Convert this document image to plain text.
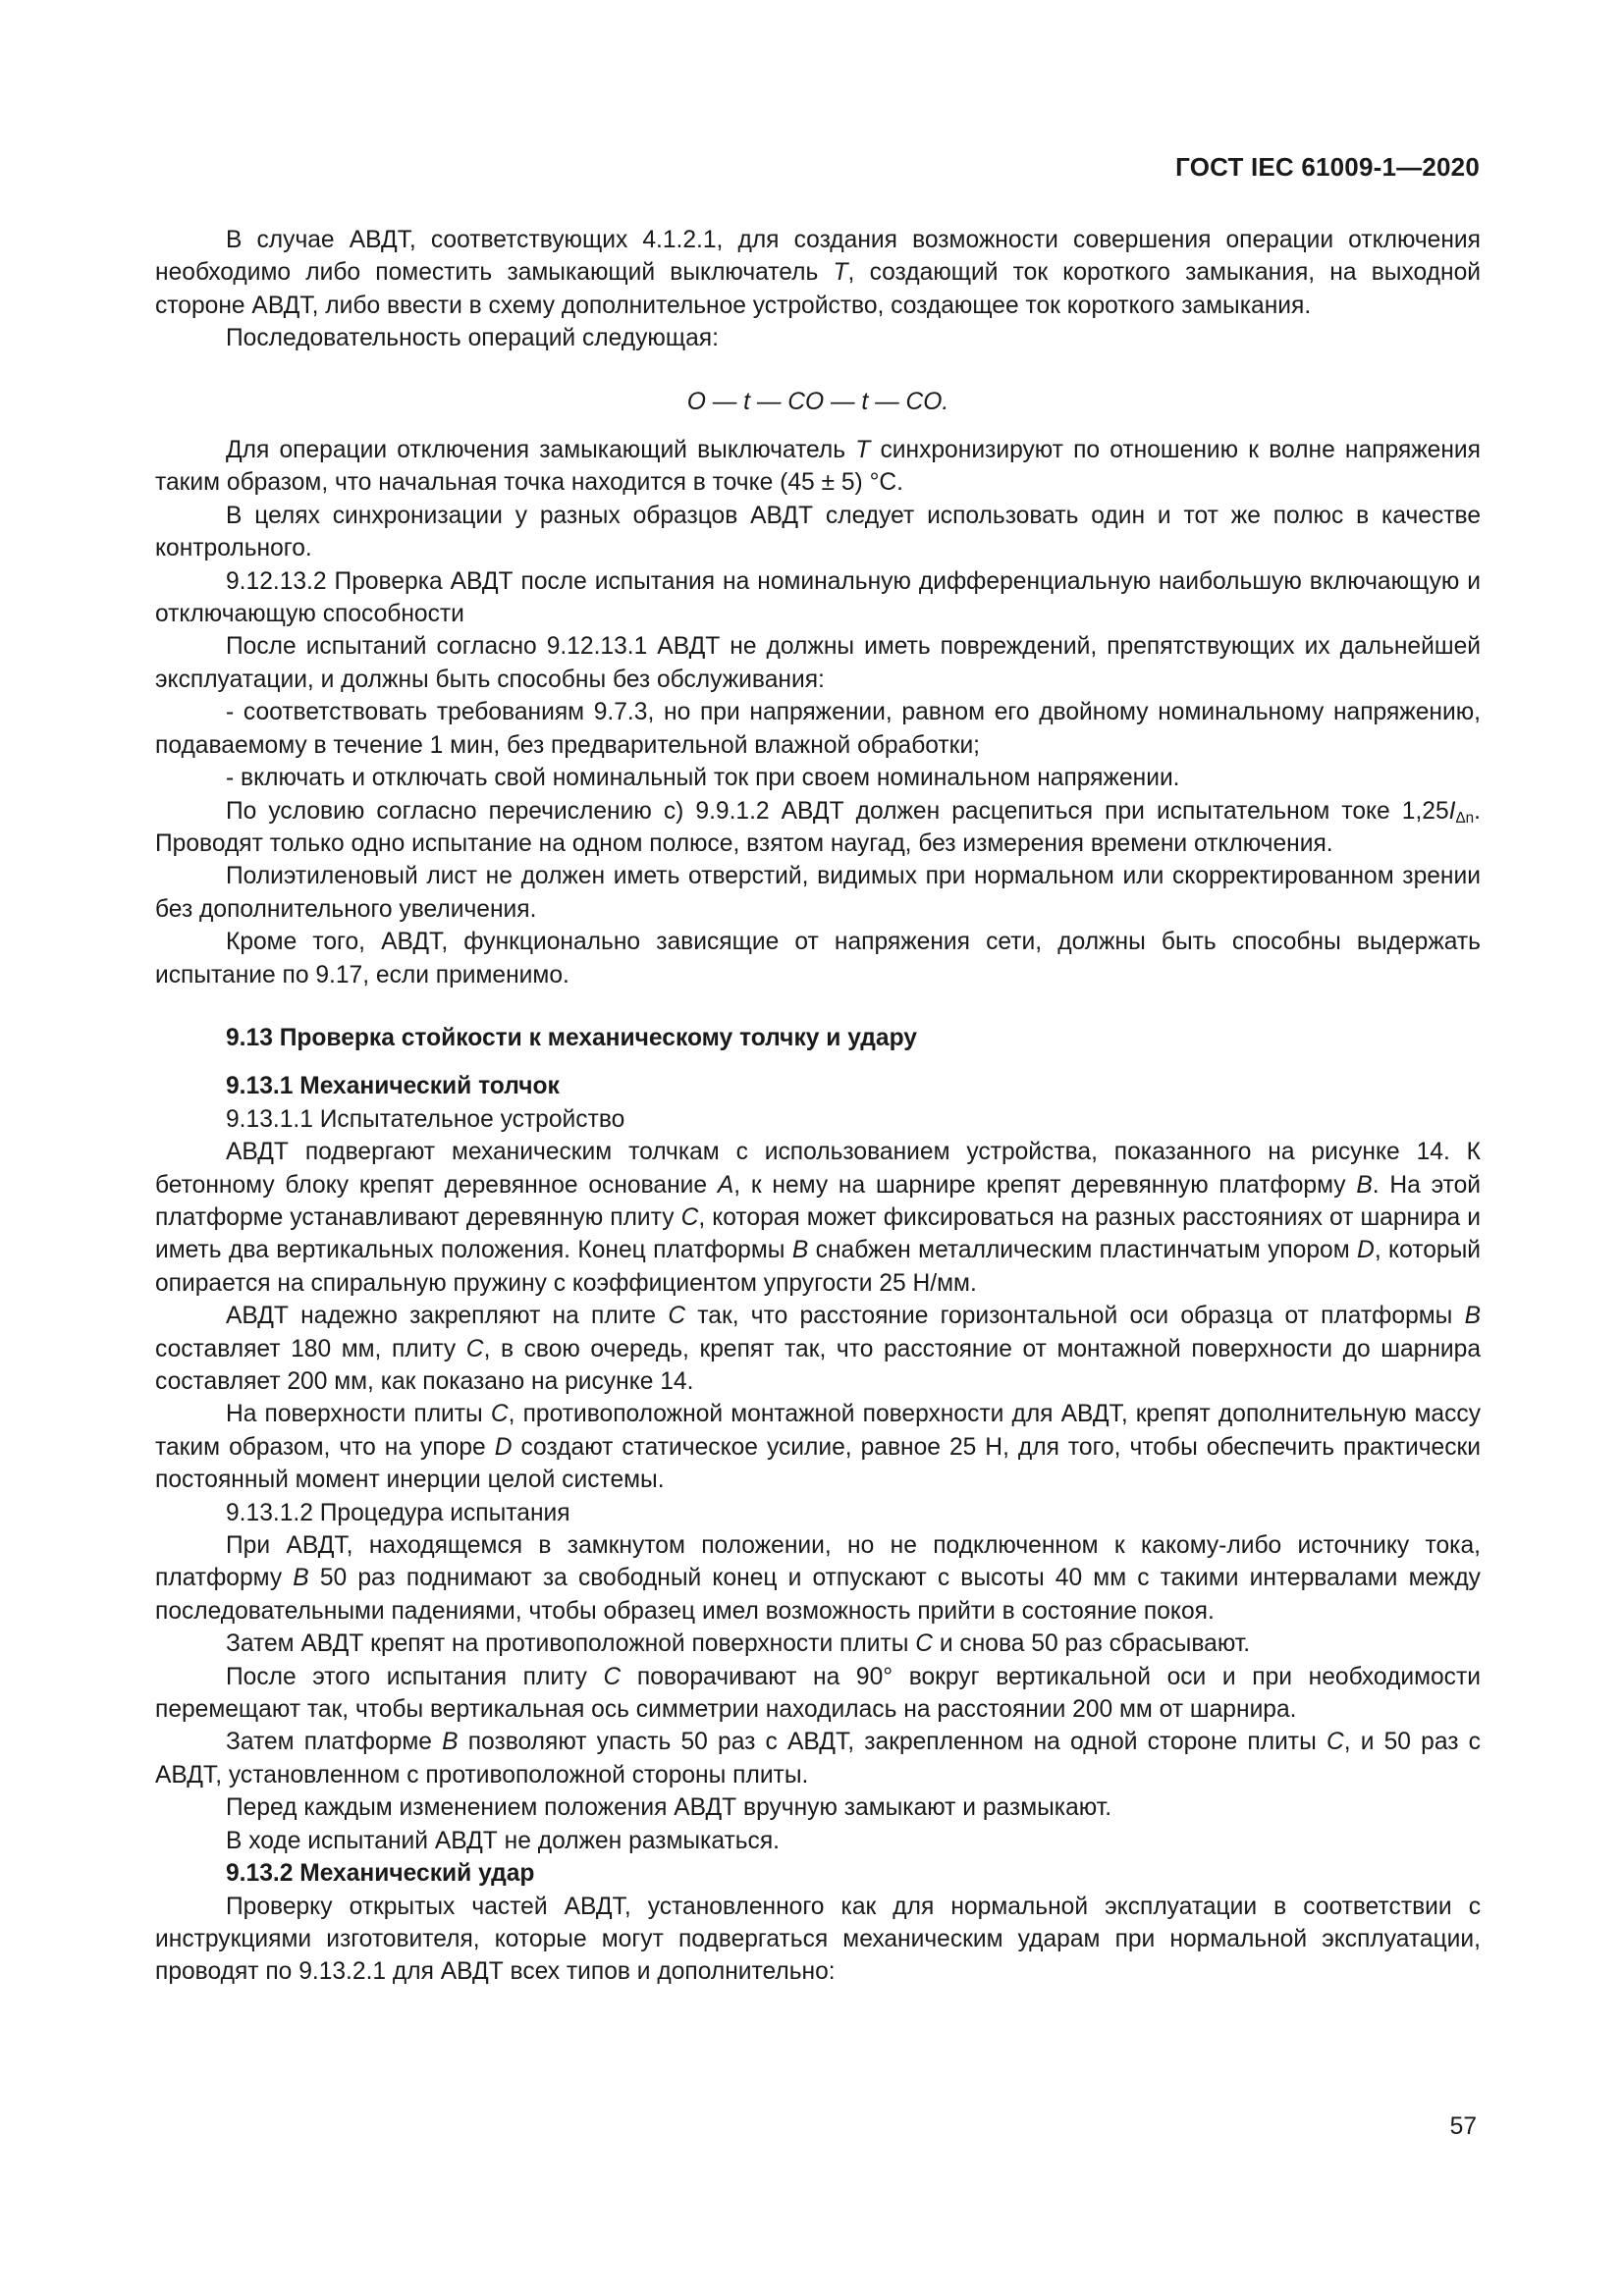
ГОСТ IEC 61009-1—2020

В случае АВДТ, соответствующих 4.1.2.1, для создания возможности совершения операции отключения необходимо либо поместить замыкающий выключатель T, создающий ток короткого замыкания, на выходной стороне АВДТ, либо ввести в схему дополнительное устройство, создающее ток короткого замыкания.

Последовательность операций следующая:

O — t — CO — t — CO.

Для операции отключения замыкающий выключатель T синхронизируют по отношению к волне напряжения таким образом, что начальная точка находится в точке (45 ± 5) °С.

В целях синхронизации у разных образцов АВДТ следует использовать один и тот же полюс в качестве контрольного.

9.12.13.2 Проверка АВДТ после испытания на номинальную дифференциальную наибольшую включающую и отключающую способности

После испытаний согласно 9.12.13.1 АВДТ не должны иметь повреждений, препятствующих их дальнейшей эксплуатации, и должны быть способны без обслуживания:

- соответствовать требованиям 9.7.3, но при напряжении, равном его двойному номинальному напряжению, подаваемому в течение 1 мин, без предварительной влажной обработки;

- включать и отключать свой номинальный ток при своем номинальном напряжении.

По условию согласно перечислению с) 9.9.1.2 АВДТ должен расцепиться при испытательном токе $1,25I_{\Delta n}$. Проводят только одно испытание на одном полюсе, взятом наугад, без измерения времени отключения.

Полиэтиленовый лист не должен иметь отверстий, видимых при нормальном или скорректированном зрении без дополнительного увеличения.

Кроме того, АВДТ, функционально зависящие от напряжения сети, должны быть способны выдержать испытание по 9.17, если применимо.

9.13 Проверка стойкости к механическому толчку и удару

9.13.1 Механический толчок

9.13.1.1 Испытательное устройство

АВДТ подвергают механическим толчкам с использованием устройства, показанного на рисунке 14. К бетонному блоку крепят деревянное основание A, к нему на шарнире крепят деревянную платформу B. На этой платформе устанавливают деревянную плиту C, которая может фиксироваться на разных расстояниях от шарнира и иметь два вертикальных положения. Конец платформы B снабжен металлическим пластинчатым упором D, который опирается на спиральную пружину с коэффициентом упругости 25 Н/мм.

АВДТ надежно закрепляют на плите C так, что расстояние горизонтальной оси образца от платформы B составляет 180 мм, плиту C, в свою очередь, крепят так, что расстояние от монтажной поверхности до шарнира составляет 200 мм, как показано на рисунке 14.

На поверхности плиты C, противоположной монтажной поверхности для АВДТ, крепят дополнительную массу таким образом, что на упоре D создают статическое усилие, равное 25 Н, для того, чтобы обеспечить практически постоянный момент инерции целой системы.

9.13.1.2 Процедура испытания

При АВДТ, находящемся в замкнутом положении, но не подключенном к какому-либо источнику тока, платформу B 50 раз поднимают за свободный конец и отпускают с высоты 40 мм с такими интервалами между последовательными падениями, чтобы образец имел возможность прийти в состояние покоя.

Затем АВДТ крепят на противоположной поверхности плиты C и снова 50 раз сбрасывают.

После этого испытания плиту C поворачивают на 90° вокруг вертикальной оси и при необходимости перемещают так, чтобы вертикальная ось симметрии находилась на расстоянии 200 мм от шарнира.

Затем платформе B позволяют упасть 50 раз с АВДТ, закрепленном на одной стороне плиты C, и 50 раз с АВДТ, установленном с противоположной стороны плиты.

Перед каждым изменением положения АВДТ вручную замыкают и размыкают.

В ходе испытаний АВДТ не должен размыкаться.

9.13.2 Механический удар

Проверку открытых частей АВДТ, установленного как для нормальной эксплуатации в соответствии с инструкциями изготовителя, которые могут подвергаться механическим ударам при нормальной эксплуатации, проводят по 9.13.2.1 для АВДТ всех типов и дополнительно:

57
